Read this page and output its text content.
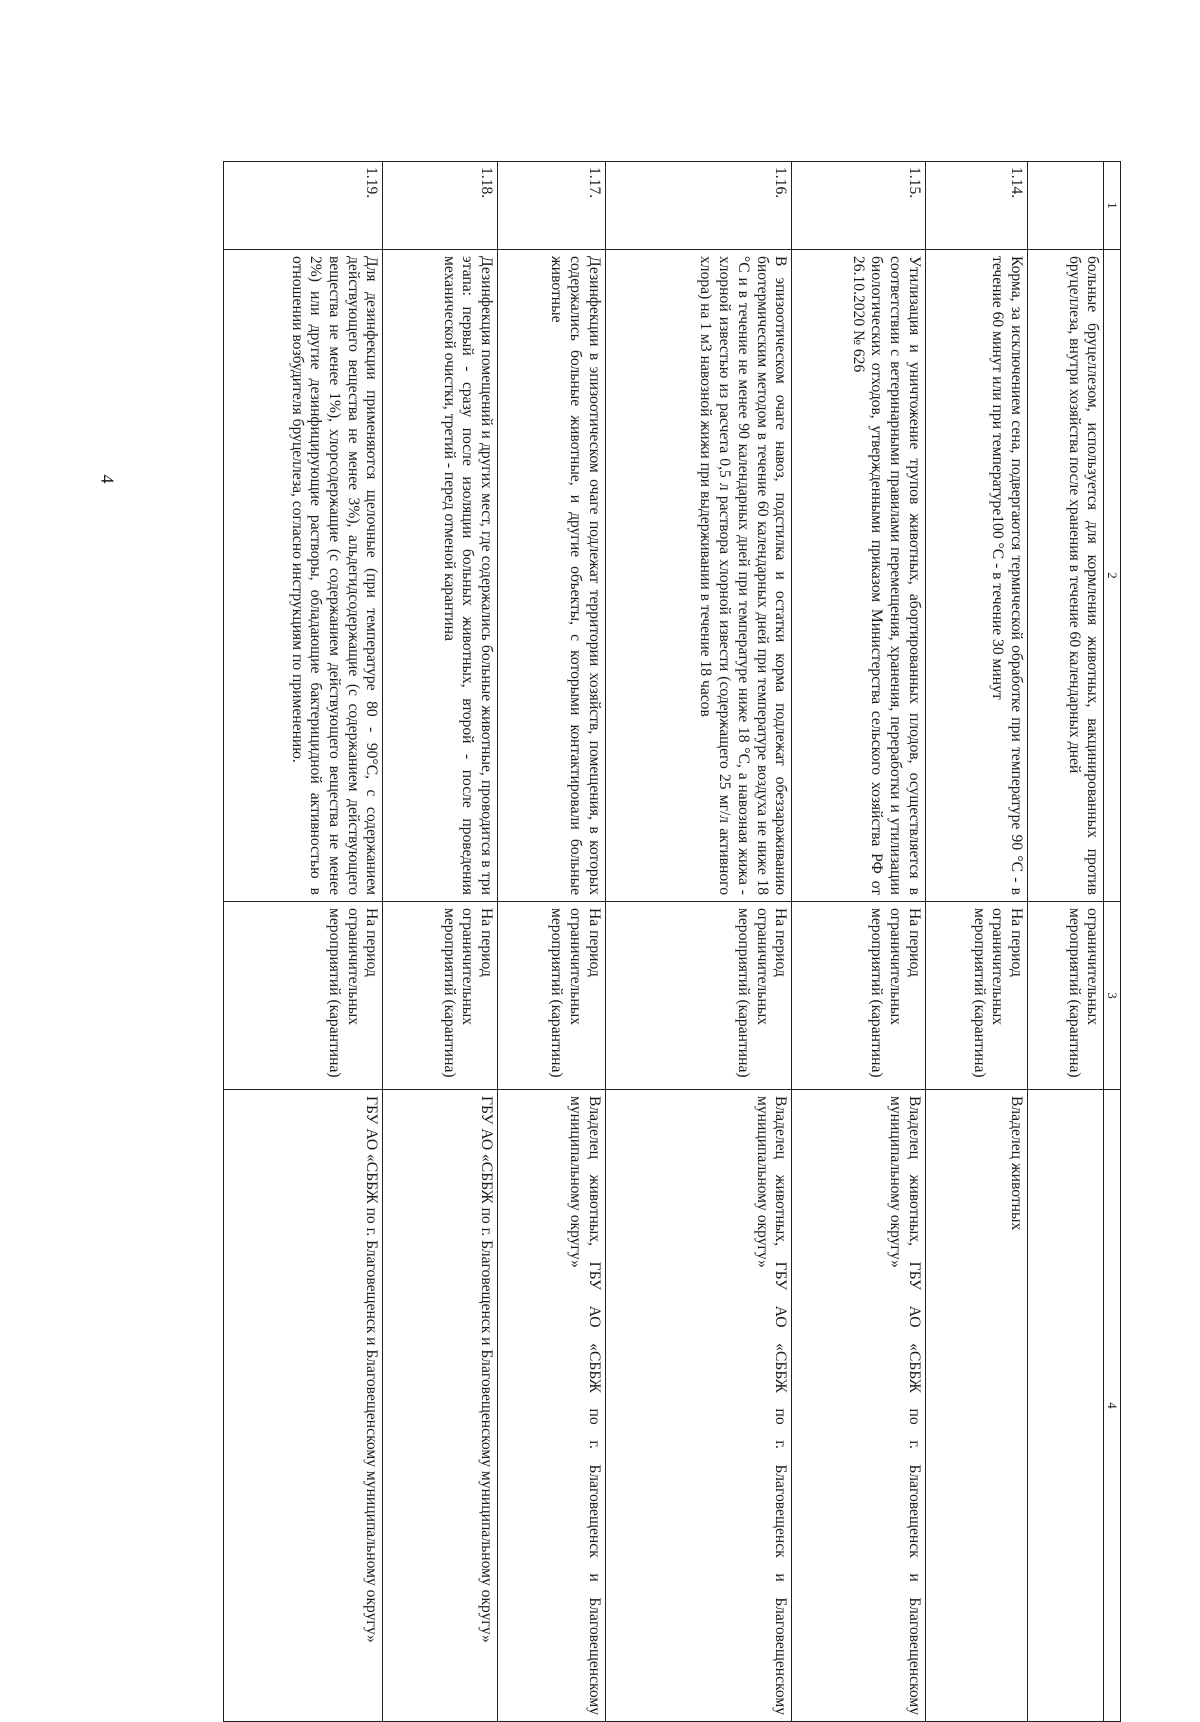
4
1	2	3	4
	больные бруцеллезом, используется для кормления животных, вакцинированных против бруцеллеза, внутри хозяйства после хранения в течение 60 календарных дней	ограничительных мероприятий (карантина)	
1.14.	Корма, за исключением сена, подвергаются термической обработке при температуре 90 °С - в течение 60 минут или при температуре100 °С - в течение 30 минут	На период ограничительных мероприятий (карантина)	Владелец животных
1.15.	Утилизация и уничтожение трупов животных, абортированных плодов, осуществляется в соответствии с ветеринарными правилами перемещения, хранения, переработки и утилизации биологических отходов, утвержденными приказом Министерства сельского хозяйства РФ от 26.10.2020 № 626	На период ограничительных мероприятий (карантина)	Владелец животных, ГБУ АО «СББЖ по г. Благовещенск и Благовещенскому муниципальному округу»
1.16.	В эпизоотическом очаге навоз, подстилка и остатки корма подлежат обеззараживанию биотермическим методом в течение 60 календарных дней при температуре воздуха не ниже 18 °С и в течение не менее 90 календарных дней при температуре ниже 18 °С, а навозная жижа - хлорной известью из расчета 0,5 л раствора хлорной извести (содержащего 25 мг/л активного хлора) на 1 м3 навозной жижи при выдерживании в течение 18 часов	На период ограничительных мероприятий (карантина)	Владелец животных, ГБУ АО «СББЖ по г. Благовещенск и Благовещенскому муниципальному округу»
1.17.	Дезинфекции в эпизоотическом очаге подлежат территории хозяйств, помещения, в которых содержались больные животные, и другие объекты, с которыми контактировали больные животные	На период ограничительных мероприятий (карантина)	Владелец животных, ГБУ АО «СББЖ по г. Благовещенск и Благовещенскому муниципальному округу»
1.18.	Дезинфекция помещений и других мест, где содержались больные животные, проводится в три этапа: первый - сразу после изоляции больных животных, второй - после проведения механической очистки, третий - перед отменой карантина	На период ограничительных мероприятий (карантина)	ГБУ АО «СББЖ по г. Благовещенск и Благовещенскому муниципальному округу»
1.19.	Для дезинфекции применяются щелочные (при температуре 80 - 90°С, с содержанием действующего вещества не менее 3%), альдегидсодержащие (с содержанием действующего вещества не менее 1%), хлорсодержащие (с содержанием действующего вещества не менее 2%) или другие дезинфицирующие растворы, обладающие бактерицидной активностью в отношении возбудителя бруцеллеза, согласно инструкциям по применению.	На период ограничительных мероприятий (карантина)	ГБУ АО «СББЖ по г. Благовещенск и Благовещенскому муниципальному округу»
